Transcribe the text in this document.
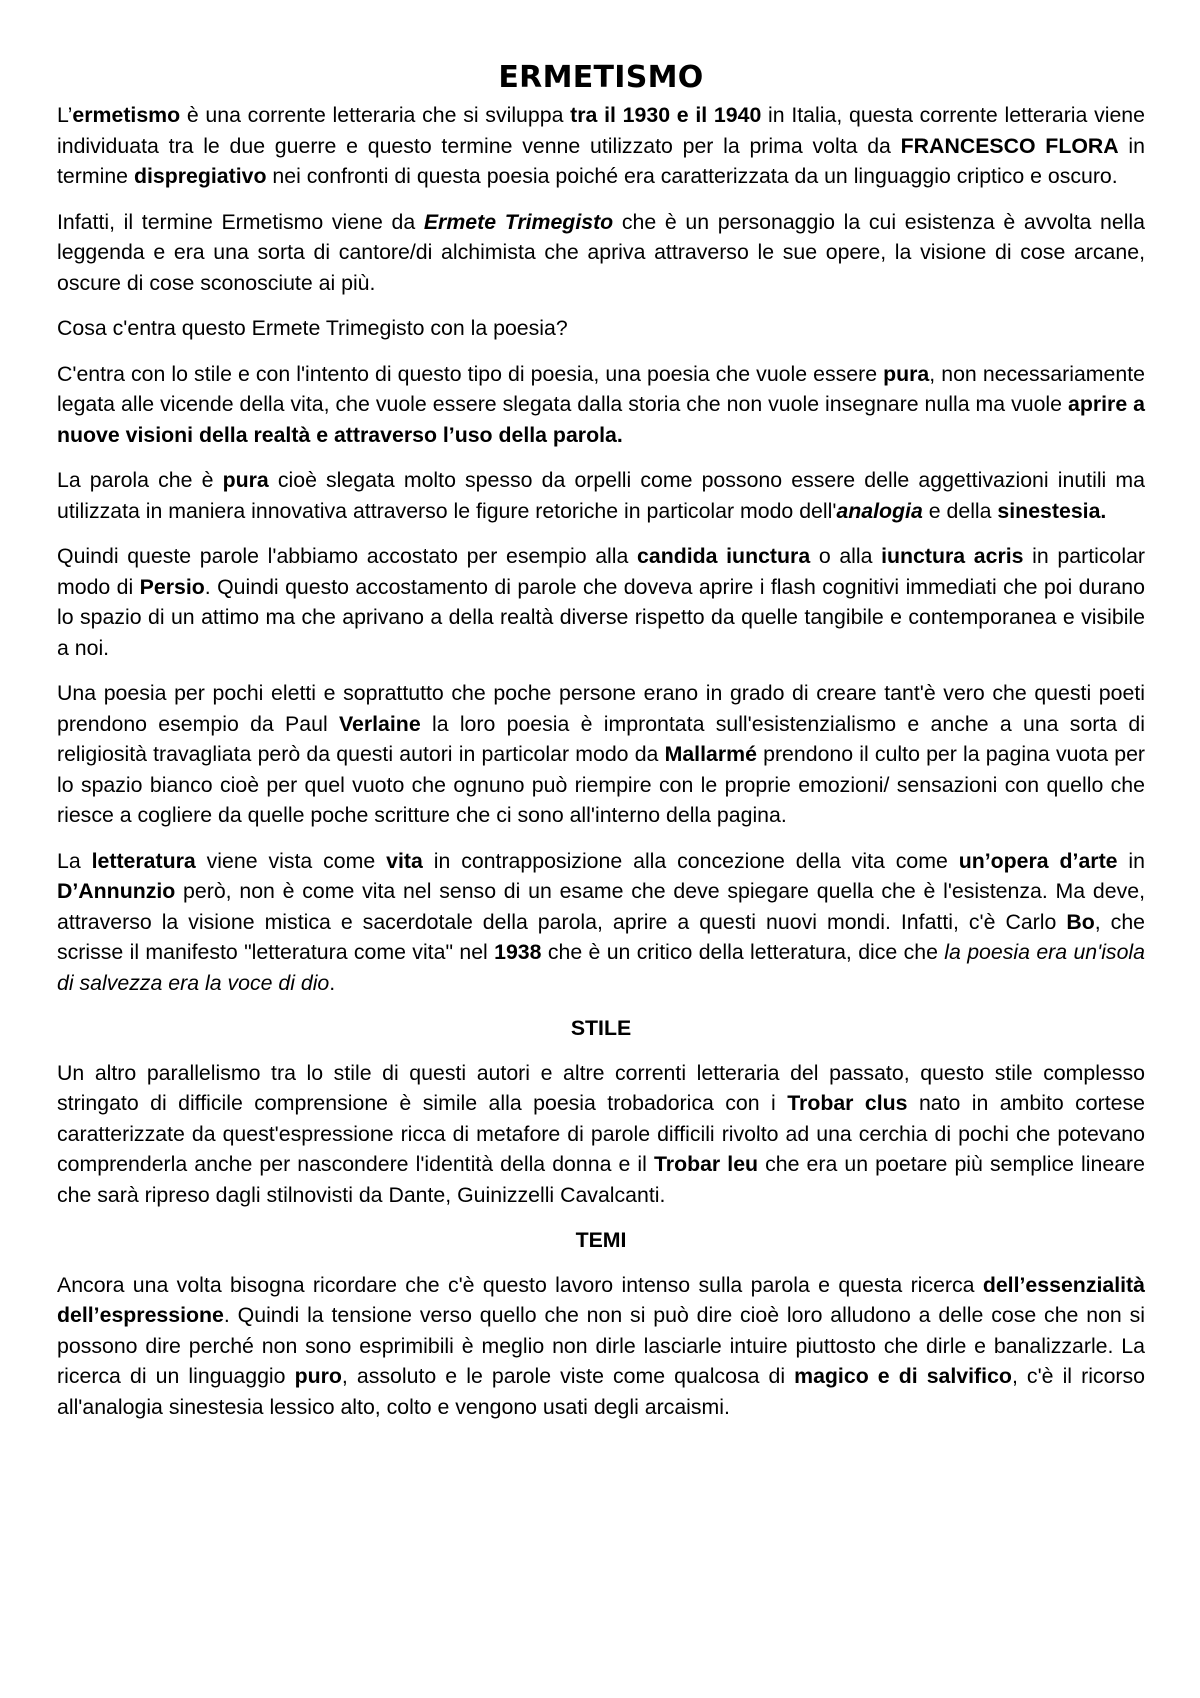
ERMETISMO

L’ermetismo è una corrente letteraria che si sviluppa tra il 1930 e il 1940 in Italia, questa corrente letteraria viene individuata tra le due guerre e questo termine venne utilizzato per la prima volta da FRANCESCO FLORA in termine dispregiativo nei confronti di questa poesia poiché era caratterizzata da un linguaggio criptico e oscuro.

Infatti, il termine Ermetismo viene da Ermete Trimegisto che è un personaggio la cui esistenza è avvolta nella leggenda e era una sorta di cantore/di alchimista che apriva attraverso le sue opere, la visione di cose arcane, oscure di cose sconosciute ai più.

Cosa c'entra questo Ermete Trimegisto con la poesia?

C'entra con lo stile e con l'intento di questo tipo di poesia, una poesia che vuole essere pura, non necessariamente legata alle vicende della vita, che vuole essere slegata dalla storia che non vuole insegnare nulla ma vuole aprire a nuove visioni della realtà e attraverso l’uso della parola.

La parola che è pura cioè slegata molto spesso da orpelli come possono essere delle aggettivazioni inutili ma utilizzata in maniera innovativa attraverso le figure retoriche in particolar modo dell'analogia e della sinestesia.

Quindi queste parole l'abbiamo accostato per esempio alla candida iunctura o alla iunctura acris in particolar modo di Persio. Quindi questo accostamento di parole che doveva aprire i flash cognitivi immediati che poi durano lo spazio di un attimo ma che aprivano a della realtà diverse rispetto da quelle tangibile e contemporanea e visibile a noi.

Una poesia per pochi eletti e soprattutto che poche persone erano in grado di creare tant'è vero che questi poeti prendono esempio da Paul Verlaine la loro poesia è improntata sull'esistenzialismo e anche a una sorta di religiosità travagliata però da questi autori in particolar modo da Mallarmé prendono il culto per la pagina vuota per lo spazio bianco cioè per quel vuoto che ognuno può riempire con le proprie emozioni/ sensazioni con quello che riesce a cogliere da quelle poche scritture che ci sono all'interno della pagina.

La letteratura viene vista come vita in contrapposizione alla concezione della vita come un’opera d’arte in D’Annunzio però, non è come vita nel senso di un esame che deve spiegare quella che è l'esistenza. Ma deve, attraverso la visione mistica e sacerdotale della parola, aprire a questi nuovi mondi. Infatti, c'è Carlo Bo, che scrisse il manifesto "letteratura come vita" nel 1938 che è un critico della letteratura, dice che la poesia era un'isola di salvezza era la voce di dio.

STILE

Un altro parallelismo tra lo stile di questi autori e altre correnti letteraria del passato, questo stile complesso stringato di difficile comprensione è simile alla poesia trobadorica con i Trobar clus nato in ambito cortese caratterizzate da quest'espressione ricca di metafore di parole difficili rivolto ad una cerchia di pochi che potevano comprenderla anche per nascondere l'identità della donna e il Trobar leu che era un poetare più semplice lineare che sarà ripreso dagli stilnovisti da Dante, Guinizzelli Cavalcanti.

TEMI

Ancora una volta bisogna ricordare che c'è questo lavoro intenso sulla parola e questa ricerca dell’essenzialità dell’espressione. Quindi la tensione verso quello che non si può dire cioè loro alludono a delle cose che non si possono dire perché non sono esprimibili è meglio non dirle lasciarle intuire piuttosto che dirle e banalizzarle. La ricerca di un linguaggio puro, assoluto e le parole viste come qualcosa di magico e di salvifico, c'è il ricorso all'analogia sinestesia lessico alto, colto e vengono usati degli arcaismi.
